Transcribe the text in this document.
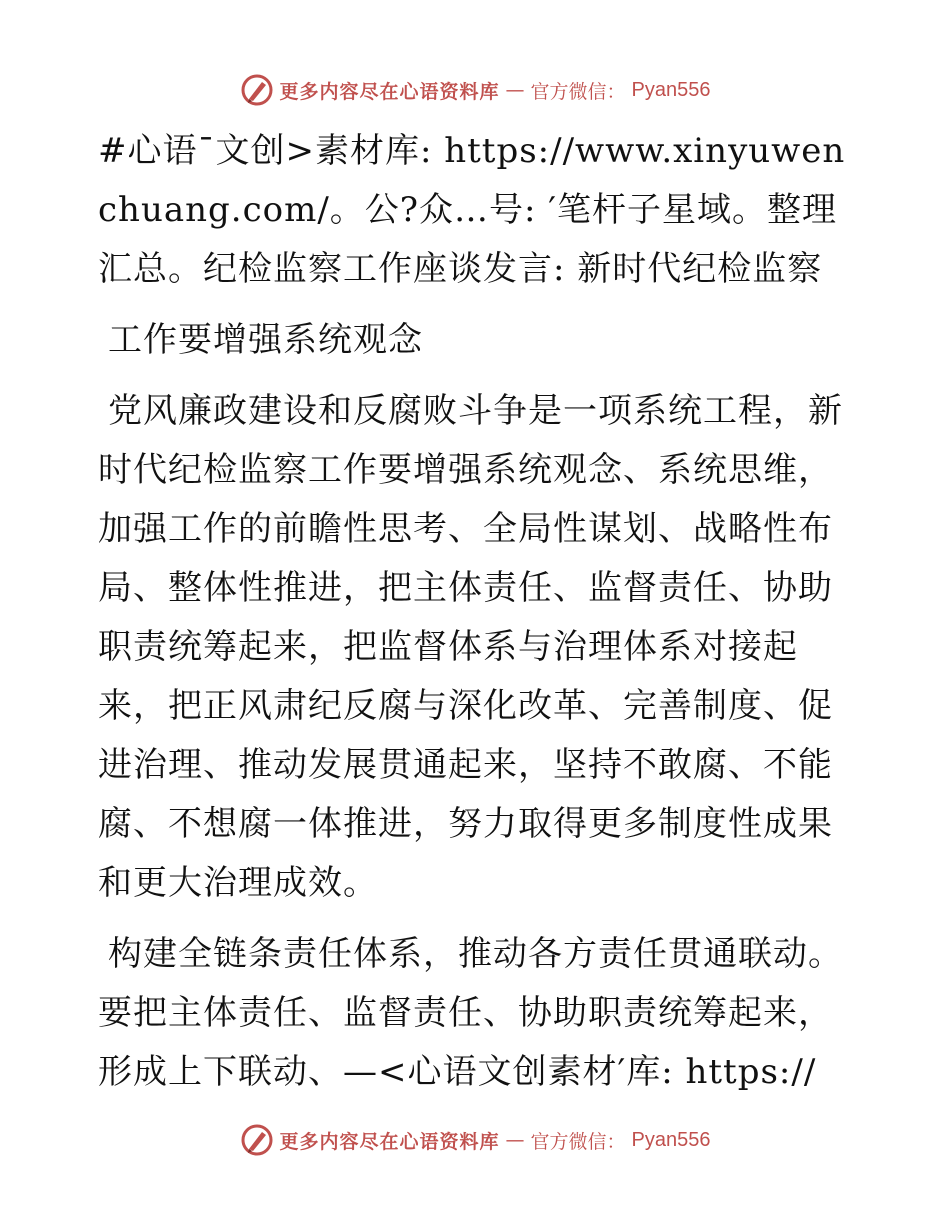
更多内容尽在心语资料库 — 官方微信： Pyan556

#心语¯文创>素材库: https://www.xinyuwenchuang.com/。公?众…号: ′笔杆子星域。整理汇总。纪检监察工作座谈发言: 新时代纪检监察

工作要增强系统观念

党风廉政建设和反腐败斗争是一项系统工程，新时代纪检监察工作要增强系统观念、系统思维，加强工作的前瞻性思考、全局性谋划、战略性布局、整体性推进，把主体责任、监督责任、协助职责统筹起来，把监督体系与治理体系对接起来，把正风肃纪反腐与深化改革、完善制度、促进治理、推动发展贯通起来，坚持不敢腐、不能腐、不想腐一体推进，努力取得更多制度性成果和更大治理成效。

构建全链条责任体系，推动各方责任贯通联动。要把主体责任、监督责任、协助职责统筹起来，形成上下联动、—<心语文创素材′库: https://

更多内容尽在心语资料库 — 官方微信： Pyan556
